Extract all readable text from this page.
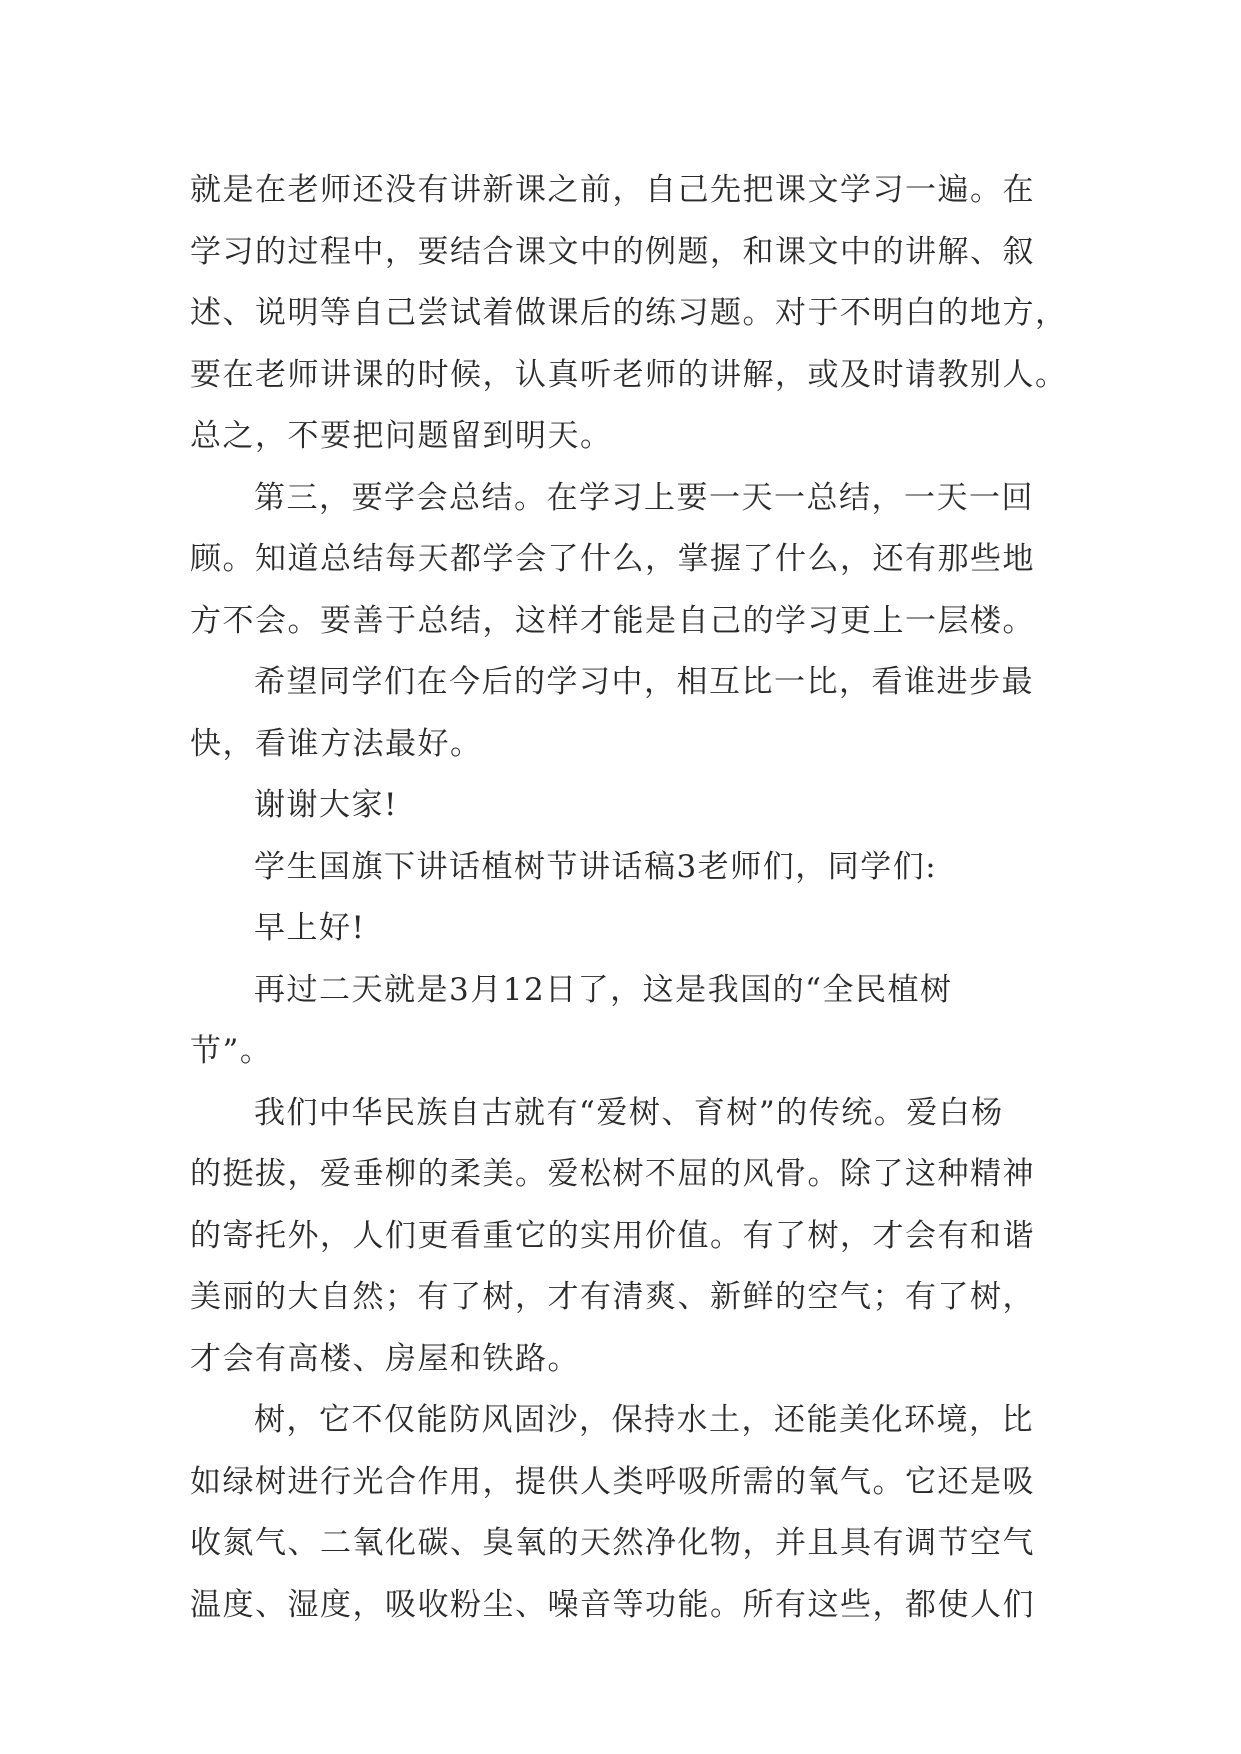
就是在老师还没有讲新课之前，自己先把课文学习一遍。在
学习的过程中，要结合课文中的例题，和课文中的讲解、叙
述、说明等自己尝试着做课后的练习题。对于不明白的地方，
要在老师讲课的时候，认真听老师的讲解，或及时请教别人。
总之，不要把问题留到明天。
第三，要学会总结。在学习上要一天一总结，一天一回
顾。知道总结每天都学会了什么，掌握了什么，还有那些地
方不会。要善于总结，这样才能是自己的学习更上一层楼。
希望同学们在今后的学习中，相互比一比，看谁进步最
快，看谁方法最好。
谢谢大家!
学生国旗下讲话植树节讲话稿3老师们，同学们:
早上好!
再过二天就是3月12日了，这是我国的“全民植树
节”。
我们中华民族自古就有“爱树、育树”的传统。爱白杨
的挺拔，爱垂柳的柔美。爱松树不屈的风骨。除了这种精神
的寄托外，人们更看重它的实用价值。有了树，才会有和谐
美丽的大自然；有了树，才有清爽、新鲜的空气；有了树，
才会有高楼、房屋和铁路。
树，它不仅能防风固沙，保持水土，还能美化环境，比
如绿树进行光合作用，提供人类呼吸所需的氧气。它还是吸
收氮气、二氧化碳、臭氧的天然净化物，并且具有调节空气
温度、湿度，吸收粉尘、噪音等功能。所有这些，都使人们
